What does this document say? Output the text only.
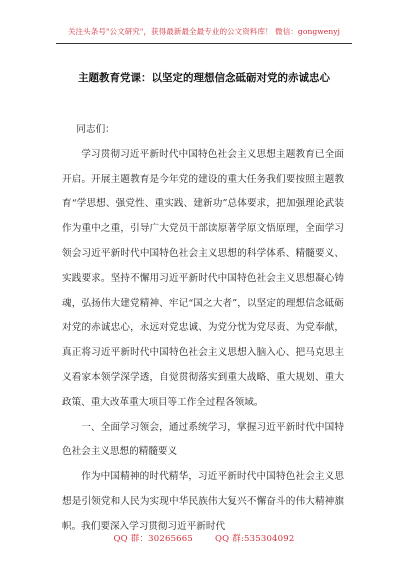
关注头条号"公文研究"，获得最新最全最专业的公文资料库！ 微信：gongwenyj
主题教育党课：以坚定的理想信念砥砺对党的赤诚忠心

同志们：

学习贯彻习近平新时代中国特色社会主义思想主题教育已全面开启。开展主题教育是今年党的建设的重大任务我们要按照主题教育“学思想、强党性、重实践、建新功”总体要求，把加强理论武装作为重中之重，引导广大党员干部读原著学原文悟原理，全面学习领会习近平新时代中国特色社会主义思想的科学体系、精髓要义、实践要求。坚持不懈用习近平新时代中国特色社会主义思想凝心铸魂，弘扬伟大建党精神、牢记“国之大者”，以坚定的理想信念砥砺对党的赤诚忠心，永远对党忠诚、为党分忧为党尽责、为党奉献，真正将习近平新时代中国特色社会主义思想入脑入心、把马克思主义看家本领学深学透，自觉贯彻落实到重大战略、重大规划、重大政策、重大改革重大项目等工作全过程各领域。

一、全面学习领会，通过系统学习，掌握习近平新时代中国特色社会主义思想的精髓要义

作为中国精神的时代精华，习近平新时代中国特色社会主义思想是引领党和人民为实现中华民族伟大复兴不懈奋斗的伟大精神旗帜。我们要深入学习贯彻习近平新时代

QQ 群：30265665	QQ 群:535304092
